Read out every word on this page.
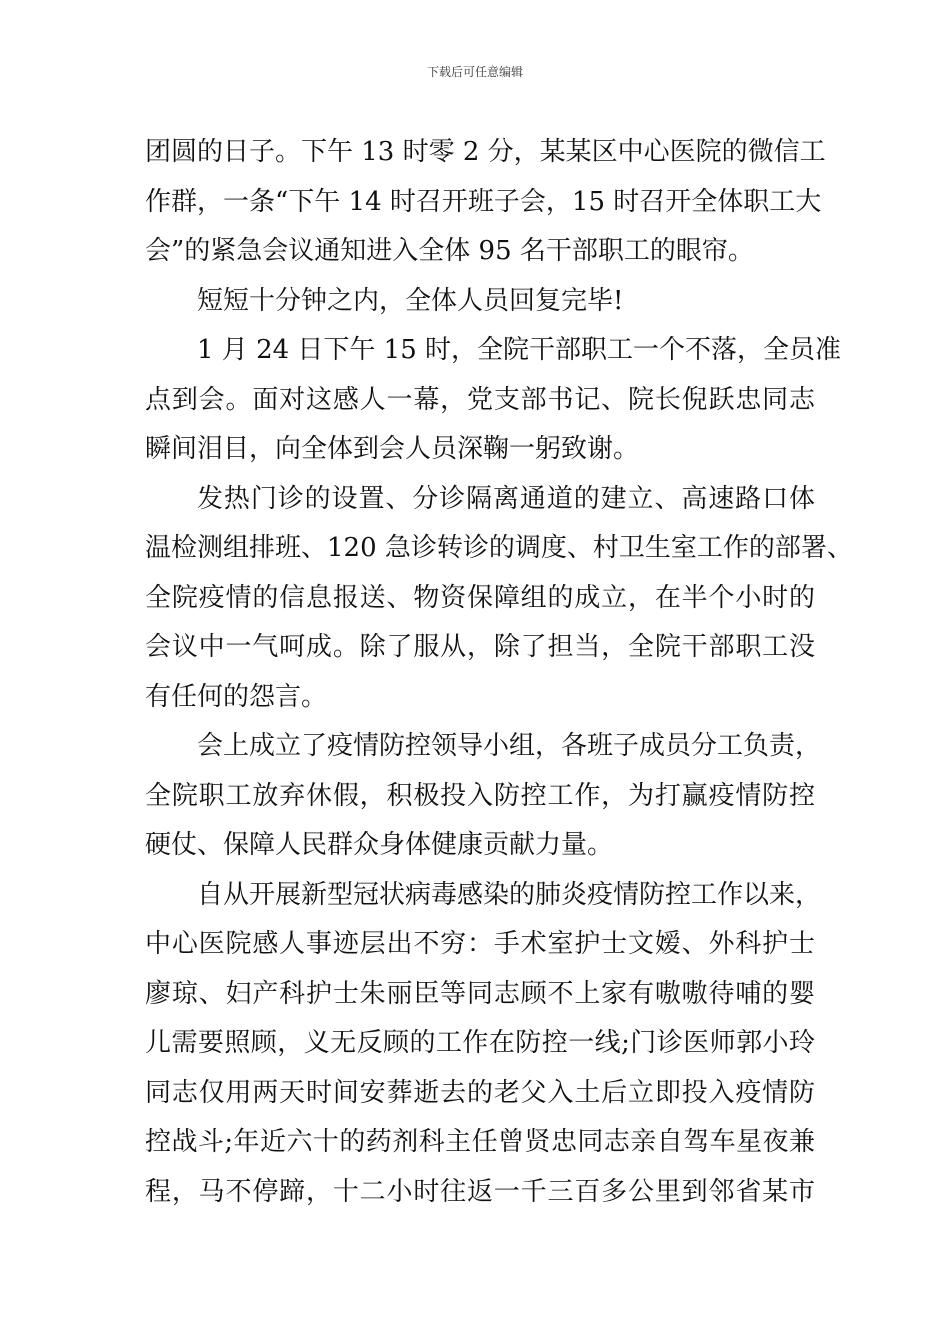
下载后可任意编辑

团圆的日子。下午 13 时零 2 分，某某区中心医院的微信工
作群，一条“下午 14 时召开班子会，15 时召开全体职工大
会”的紧急会议通知进入全体 95 名干部职工的眼帘。

短短十分钟之内，全体人员回复完毕!

1 月 24 日下午 15 时，全院干部职工一个不落，全员准
点到会。面对这感人一幕，党支部书记、院长倪跃忠同志
瞬间泪目，向全体到会人员深鞠一躬致谢。

发热门诊的设置、分诊隔离通道的建立、高速路口体
温检测组排班、120 急诊转诊的调度、村卫生室工作的部署、
全院疫情的信息报送、物资保障组的成立，在半个小时的
会议中一气呵成。除了服从，除了担当，全院干部职工没
有任何的怨言。

会上成立了疫情防控领导小组，各班子成员分工负责，
全院职工放弃休假，积极投入防控工作，为打赢疫情防控
硬仗、保障人民群众身体健康贡献力量。

自从开展新型冠状病毒感染的肺炎疫情防控工作以来，
中心医院感人事迹层出不穷：手术室护士文嫒、外科护士
廖琼、妇产科护士朱丽臣等同志顾不上家有嗷嗷待哺的婴
儿需要照顾，义无反顾的工作在防控一线;门诊医师郭小玲
同志仅用两天时间安葬逝去的老父入土后立即投入疫情防
控战斗;年近六十的药剂科主任曾贤忠同志亲自驾车星夜兼
程，马不停蹄，十二小时往返一千三百多公里到邻省某市
